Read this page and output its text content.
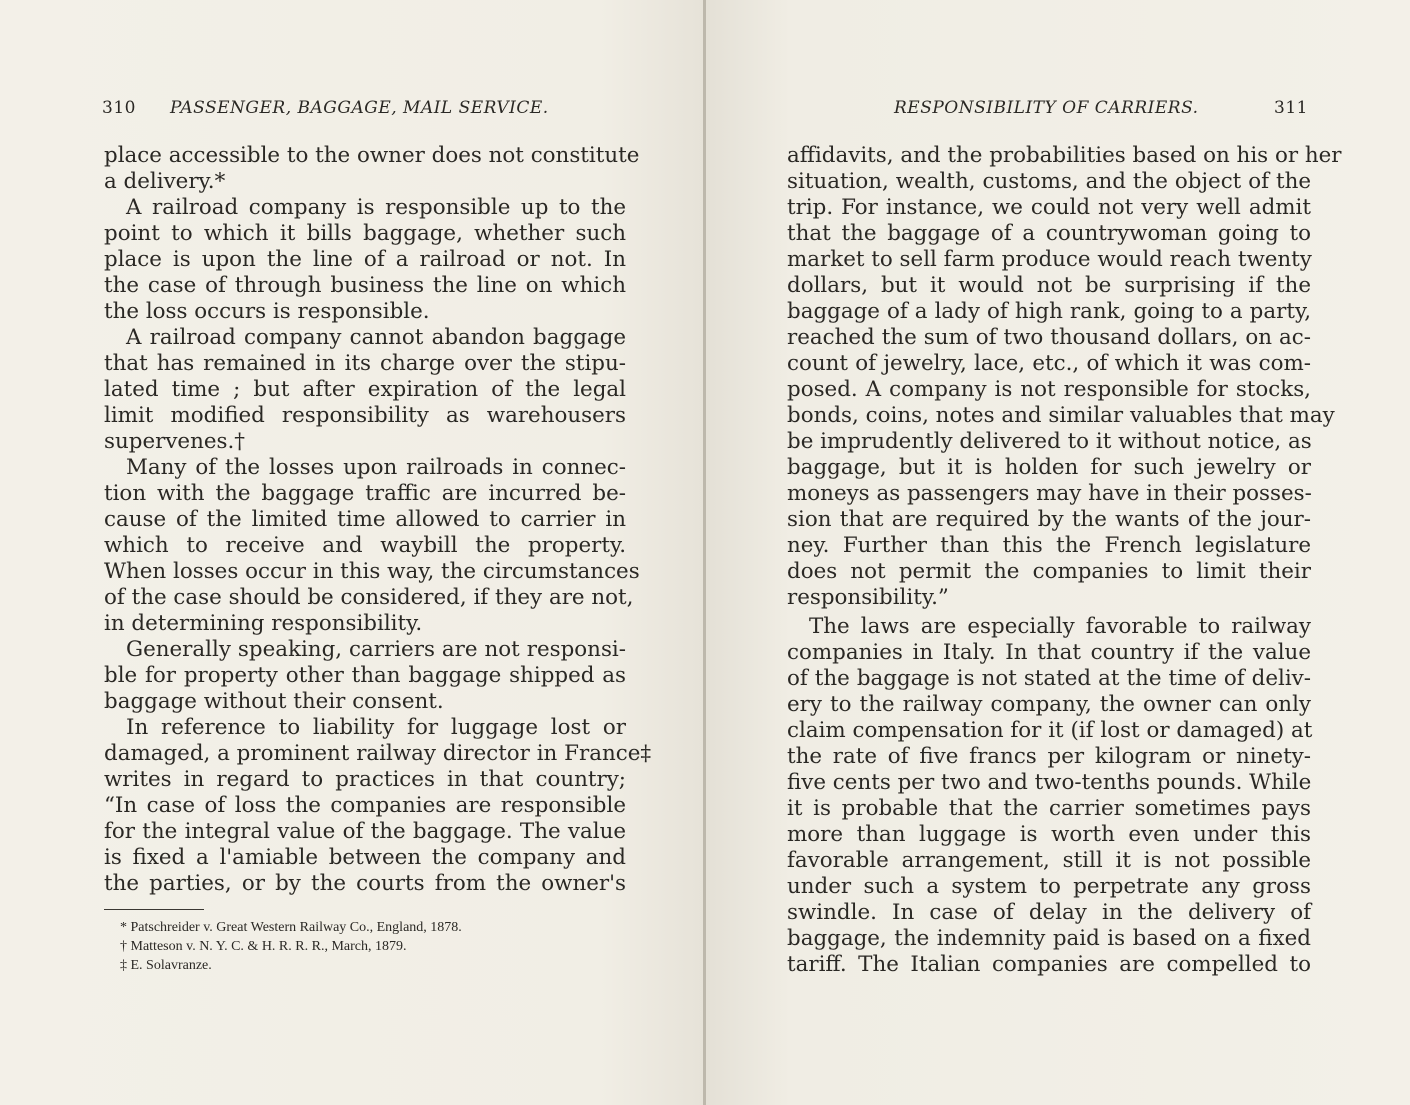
310 PASSENGER, BAGGAGE, MAIL SERVICE.
place accessible to the owner does not constitute
a delivery.*
A railroad company is responsible up to the
point to which it bills baggage, whether such
place is upon the line of a railroad or not. In
the case of through business the line on which
the loss occurs is responsible.
A railroad company cannot abandon baggage
that has remained in its charge over the stipu-
lated time ; but after expiration of the legal
limit modified responsibility as warehousers
supervenes.†
Many of the losses upon railroads in connec-
tion with the baggage traffic are incurred be-
cause of the limited time allowed to carrier in
which to receive and waybill the property.
When losses occur in this way, the circumstances
of the case should be considered, if they are not,
in determining responsibility.
Generally speaking, carriers are not responsi-
ble for property other than baggage shipped as
baggage without their consent.
In reference to liability for luggage lost or
damaged, a prominent railway director in France‡
writes in regard to practices in that country;
“In case of loss the companies are responsible
for the integral value of the baggage. The value
is fixed a l'amiable between the company and
the parties, or by the courts from the owner's
* Patschreider v. Great Western Railway Co., England, 1878.
† Matteson v. N. Y. C. & H. R. R. R., March, 1879.
‡ E. Solavranze.
RESPONSIBILITY OF CARRIERS.	311
affidavits, and the probabilities based on his or her
situation, wealth, customs, and the object of the
trip. For instance, we could not very well admit
that the baggage of a countrywoman going to
market to sell farm produce would reach twenty
dollars, but it would not be surprising if the
baggage of a lady of high rank, going to a party,
reached the sum of two thousand dollars, on ac-
count of jewelry, lace, etc., of which it was com-
posed. A company is not responsible for stocks,
bonds, coins, notes and similar valuables that may
be imprudently delivered to it without notice, as
baggage, but it is holden for such jewelry or
moneys as passengers may have in their posses-
sion that are required by the wants of the jour-
ney. Further than this the French legislature
does not permit the companies to limit their
responsibility.”
The laws are especially favorable to railway
companies in Italy. In that country if the value
of the baggage is not stated at the time of deliv-
ery to the railway company, the owner can only
claim compensation for it (if lost or damaged) at
the rate of five francs per kilogram or ninety-
five cents per two and two-tenths pounds. While
it is probable that the carrier sometimes pays
more than luggage is worth even under this
favorable arrangement, still it is not possible
under such a system to perpetrate any gross
swindle. In case of delay in the delivery of
baggage, the indemnity paid is based on a fixed
tariff. The Italian companies are compelled to
